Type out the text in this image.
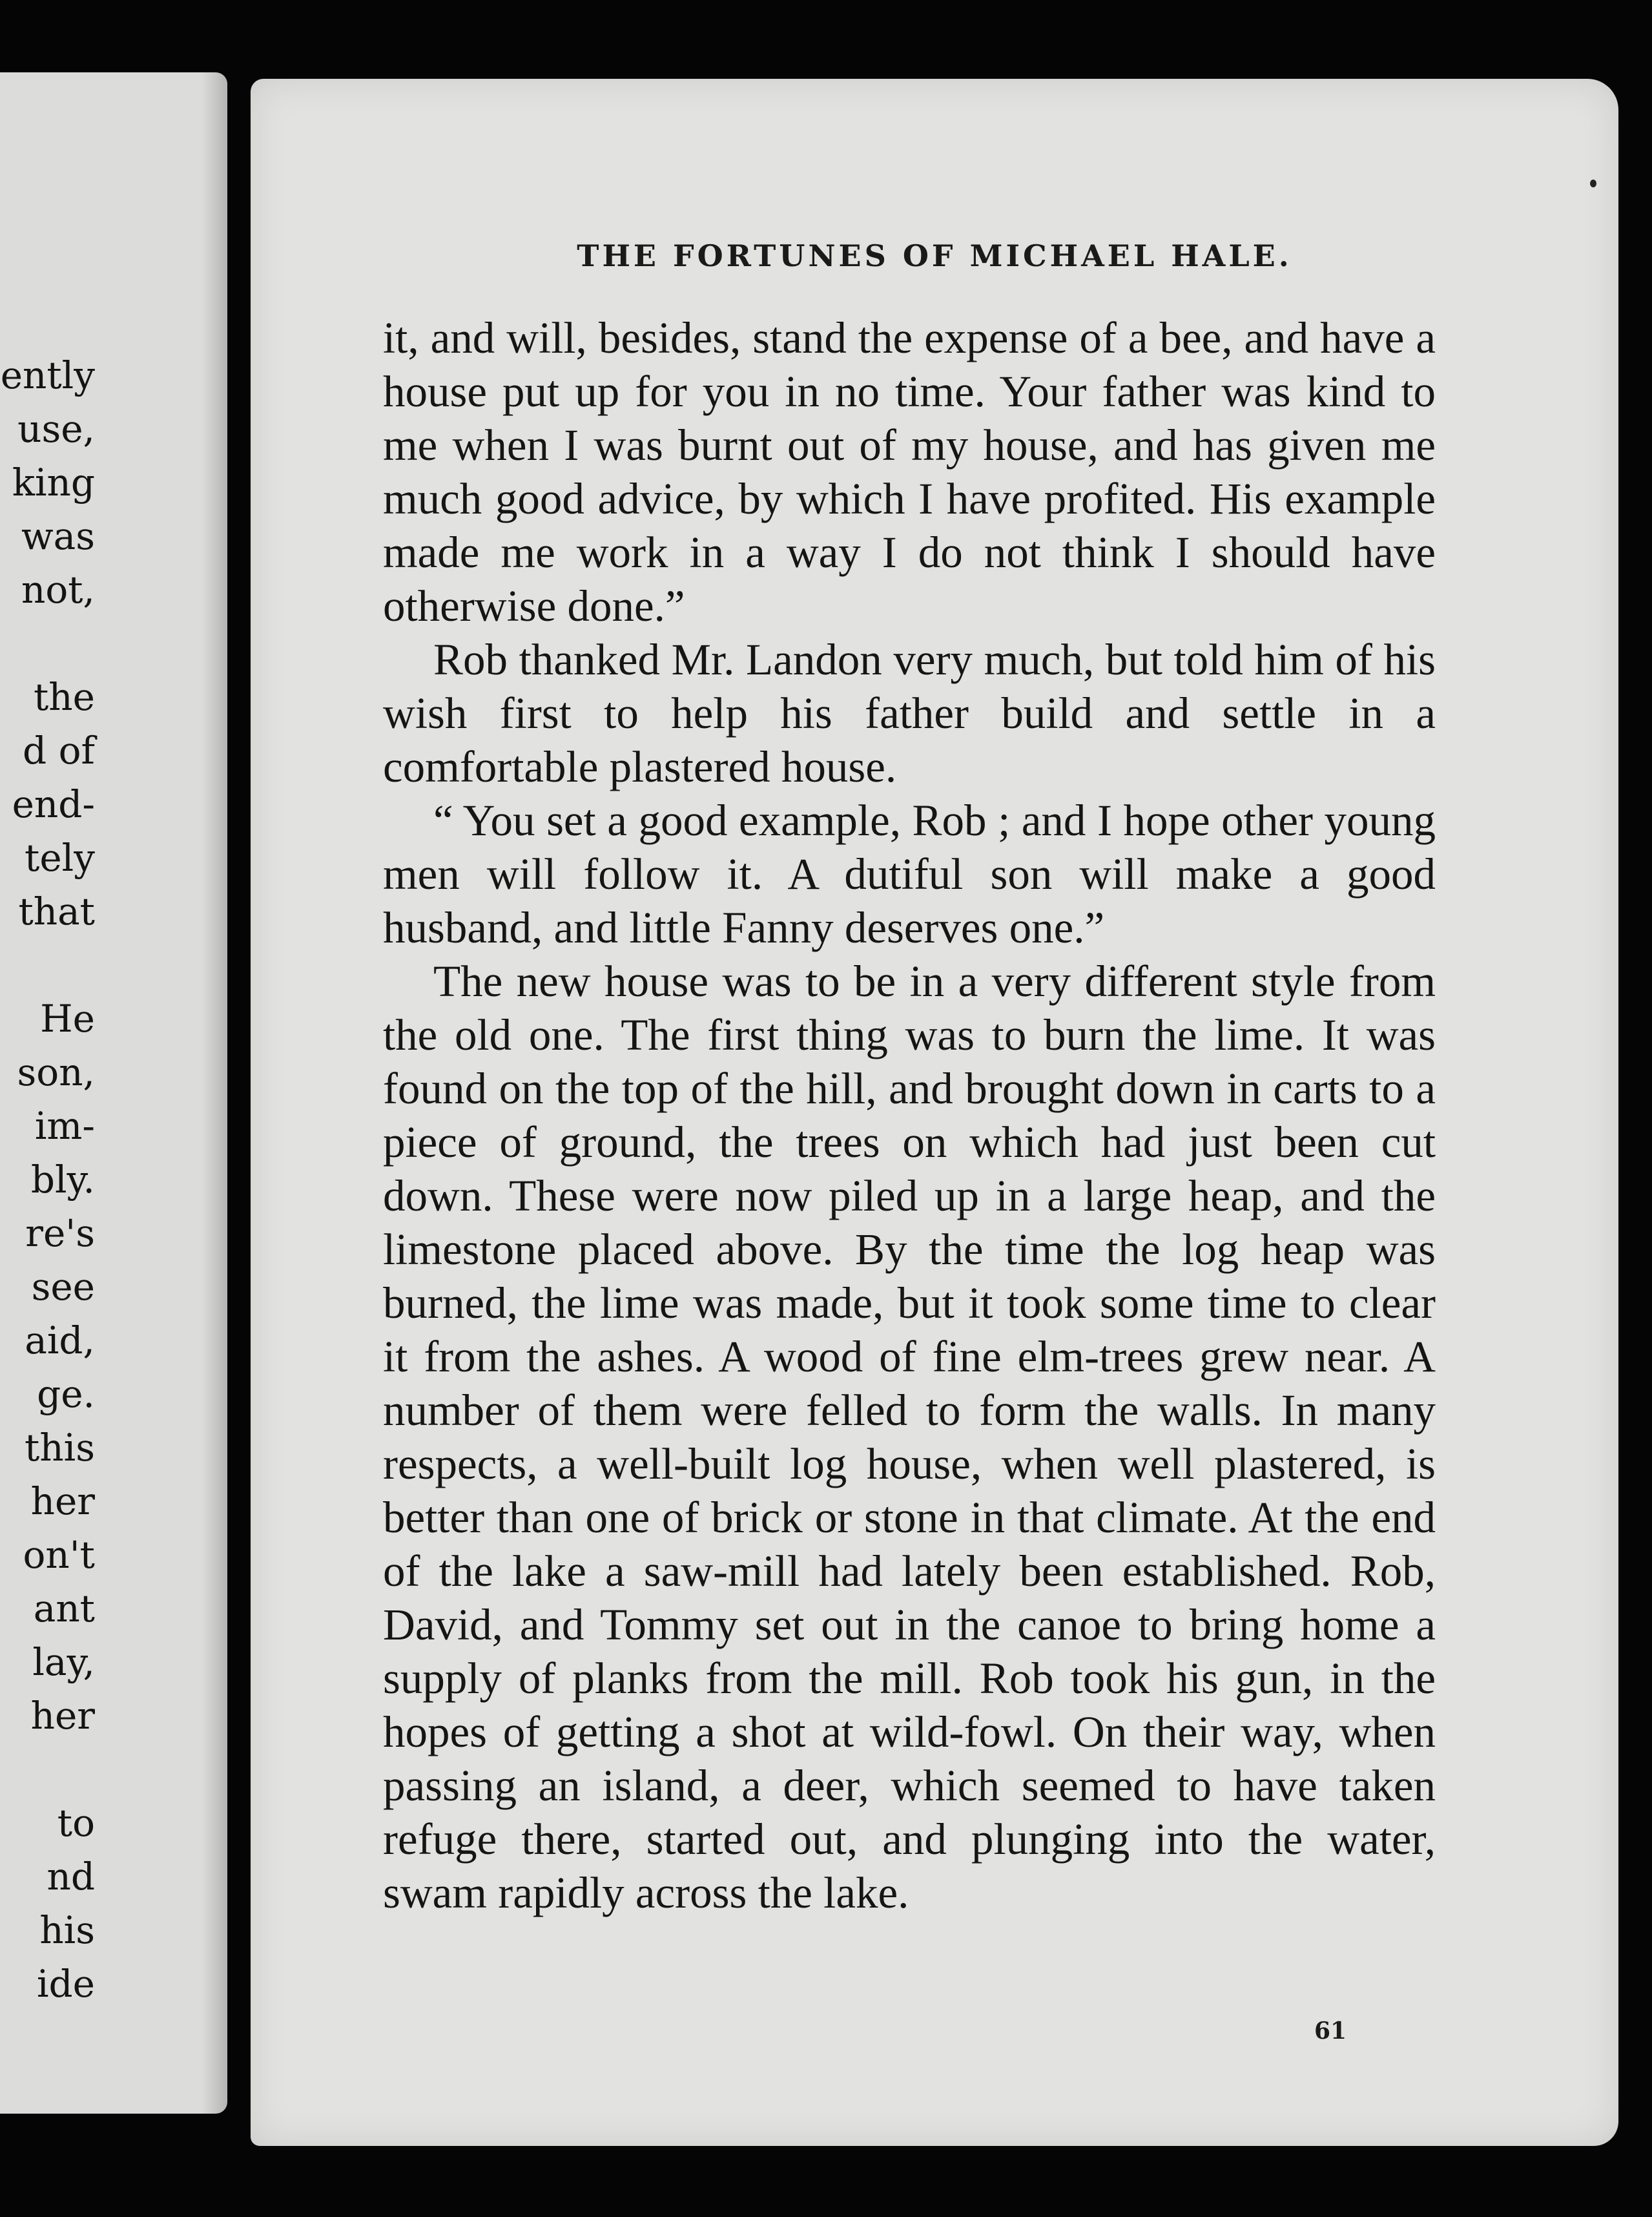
ently
use,
king
was
not,
the
d of
end-
tely
that
He
son,
im-
bly.
re's
see
aid,
ge.
this
her
on't
ant
lay,
her
to
nd
his
ide
THE FORTUNES OF MICHAEL HALE.

it, and will, besides, stand the expense of a bee, and have a house put up for you in no time. Your father was kind to me when I was burnt out of my house, and has given me much good advice, by which I have profited. His example made me work in a way I do not think I should have otherwise done.”

Rob thanked Mr. Landon very much, but told him of his wish first to help his father build and settle in a comfortable plastered house.

“ You set a good example, Rob ; and I hope other young men will follow it. A dutiful son will make a good husband, and little Fanny deserves one.”

The new house was to be in a very different style from the old one. The first thing was to burn the lime. It was found on the top of the hill, and brought down in carts to a piece of ground, the trees on which had just been cut down. These were now piled up in a large heap, and the limestone placed above. By the time the log heap was burned, the lime was made, but it took some time to clear it from the ashes. A wood of fine elm-trees grew near. A number of them were felled to form the walls. In many respects, a well-built log house, when well plastered, is better than one of brick or stone in that climate. At the end of the lake a saw-mill had lately been established. Rob, David, and Tommy set out in the canoe to bring home a supply of planks from the mill. Rob took his gun, in the hopes of getting a shot at wild-fowl. On their way, when passing an island, a deer, which seemed to have taken refuge there, started out, and plunging into the water, swam rapidly across the lake.

61
